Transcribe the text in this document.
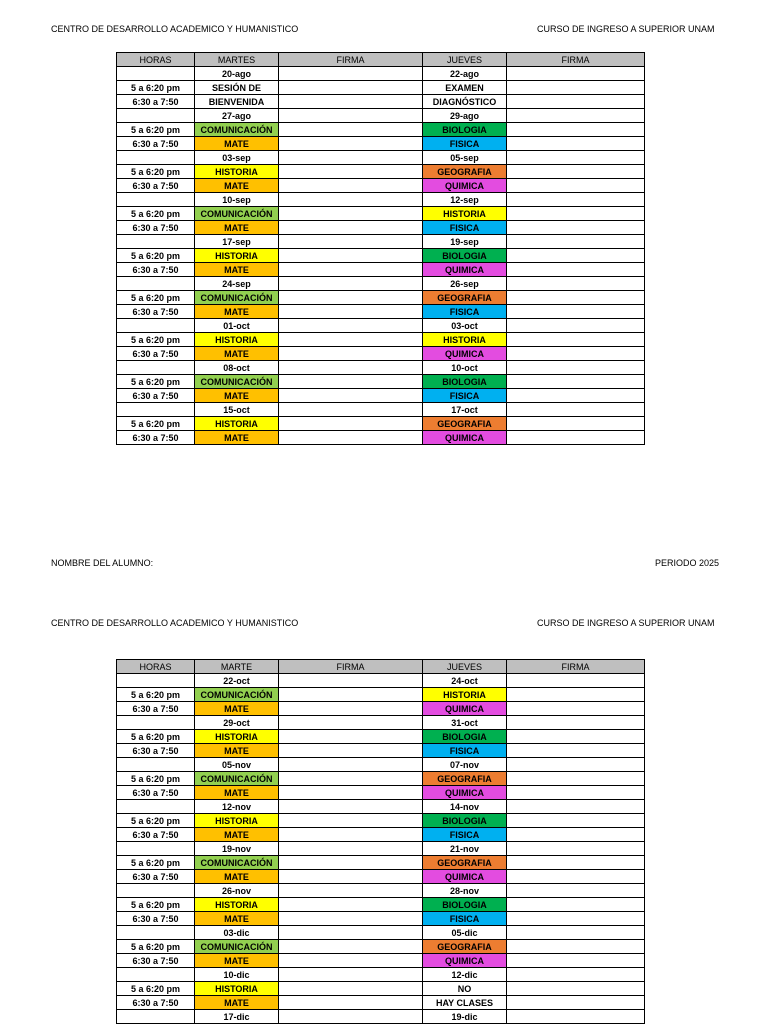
CENTRO DE DESARROLLO ACADEMICO Y HUMANISTICO	CURSO DE INGRESO A SUPERIOR UNAM
HORAS	MARTES	FIRMA	JUEVES	FIRMA
	20-ago		22-ago	
5 a 6:20 pm	SESIÓN DE		EXAMEN	
6:30 a 7:50	BIENVENIDA		DIAGNÓSTICO	
	27-ago		29-ago	
5 a 6:20 pm	COMUNICACIÓN		BIOLOGIA	
6:30 a 7:50	MATE		FISICA	
	03-sep		05-sep	
5 a 6:20 pm	HISTORIA		GEOGRAFIA	
6:30 a 7:50	MATE		QUIMICA	
	10-sep		12-sep	
5 a 6:20 pm	COMUNICACIÓN		HISTORIA	
6:30 a 7:50	MATE		FISICA	
	17-sep		19-sep	
5 a 6:20 pm	HISTORIA		BIOLOGIA	
6:30 a 7:50	MATE		QUIMICA	
	24-sep		26-sep	
5 a 6:20 pm	COMUNICACIÓN		GEOGRAFIA	
6:30 a 7:50	MATE		FISICA	
	01-oct		03-oct	
5 a 6:20 pm	HISTORIA		HISTORIA	
6:30 a 7:50	MATE		QUIMICA	
	08-oct		10-oct	
5 a 6:20 pm	COMUNICACIÓN		BIOLOGIA	
6:30 a 7:50	MATE		FISICA	
	15-oct		17-oct	
5 a 6:20 pm	HISTORIA		GEOGRAFIA	
6:30 a 7:50	MATE		QUIMICA	
NOMBRE DEL ALUMNO:	PERIODO 2025
CENTRO DE DESARROLLO ACADEMICO Y HUMANISTICO	CURSO DE INGRESO A SUPERIOR UNAM
HORAS	MARTE	FIRMA	JUEVES	FIRMA
	22-oct		24-oct	
5 a 6:20 pm	COMUNICACIÓN		HISTORIA	
6:30 a 7:50	MATE		QUIMICA	
	29-oct		31-oct	
5 a 6:20 pm	HISTORIA		BIOLOGIA	
6:30 a 7:50	MATE		FISICA	
	05-nov		07-nov	
5 a 6:20 pm	COMUNICACIÓN		GEOGRAFIA	
6:30 a 7:50	MATE		QUIMICA	
	12-nov		14-nov	
5 a 6:20 pm	HISTORIA		BIOLOGIA	
6:30 a 7:50	MATE		FISICA	
	19-nov		21-nov	
5 a 6:20 pm	COMUNICACIÓN		GEOGRAFIA	
6:30 a 7:50	MATE		QUIMICA	
	26-nov		28-nov	
5 a 6:20 pm	HISTORIA		BIOLOGIA	
6:30 a 7:50	MATE		FISICA	
	03-dic		05-dic	
5 a 6:20 pm	COMUNICACIÓN		GEOGRAFIA	
6:30 a 7:50	MATE		QUIMICA	
	10-dic		12-dic	
5 a 6:20 pm	HISTORIA		NO	
6:30 a 7:50	MATE		HAY CLASES	
	17-dic		19-dic	
